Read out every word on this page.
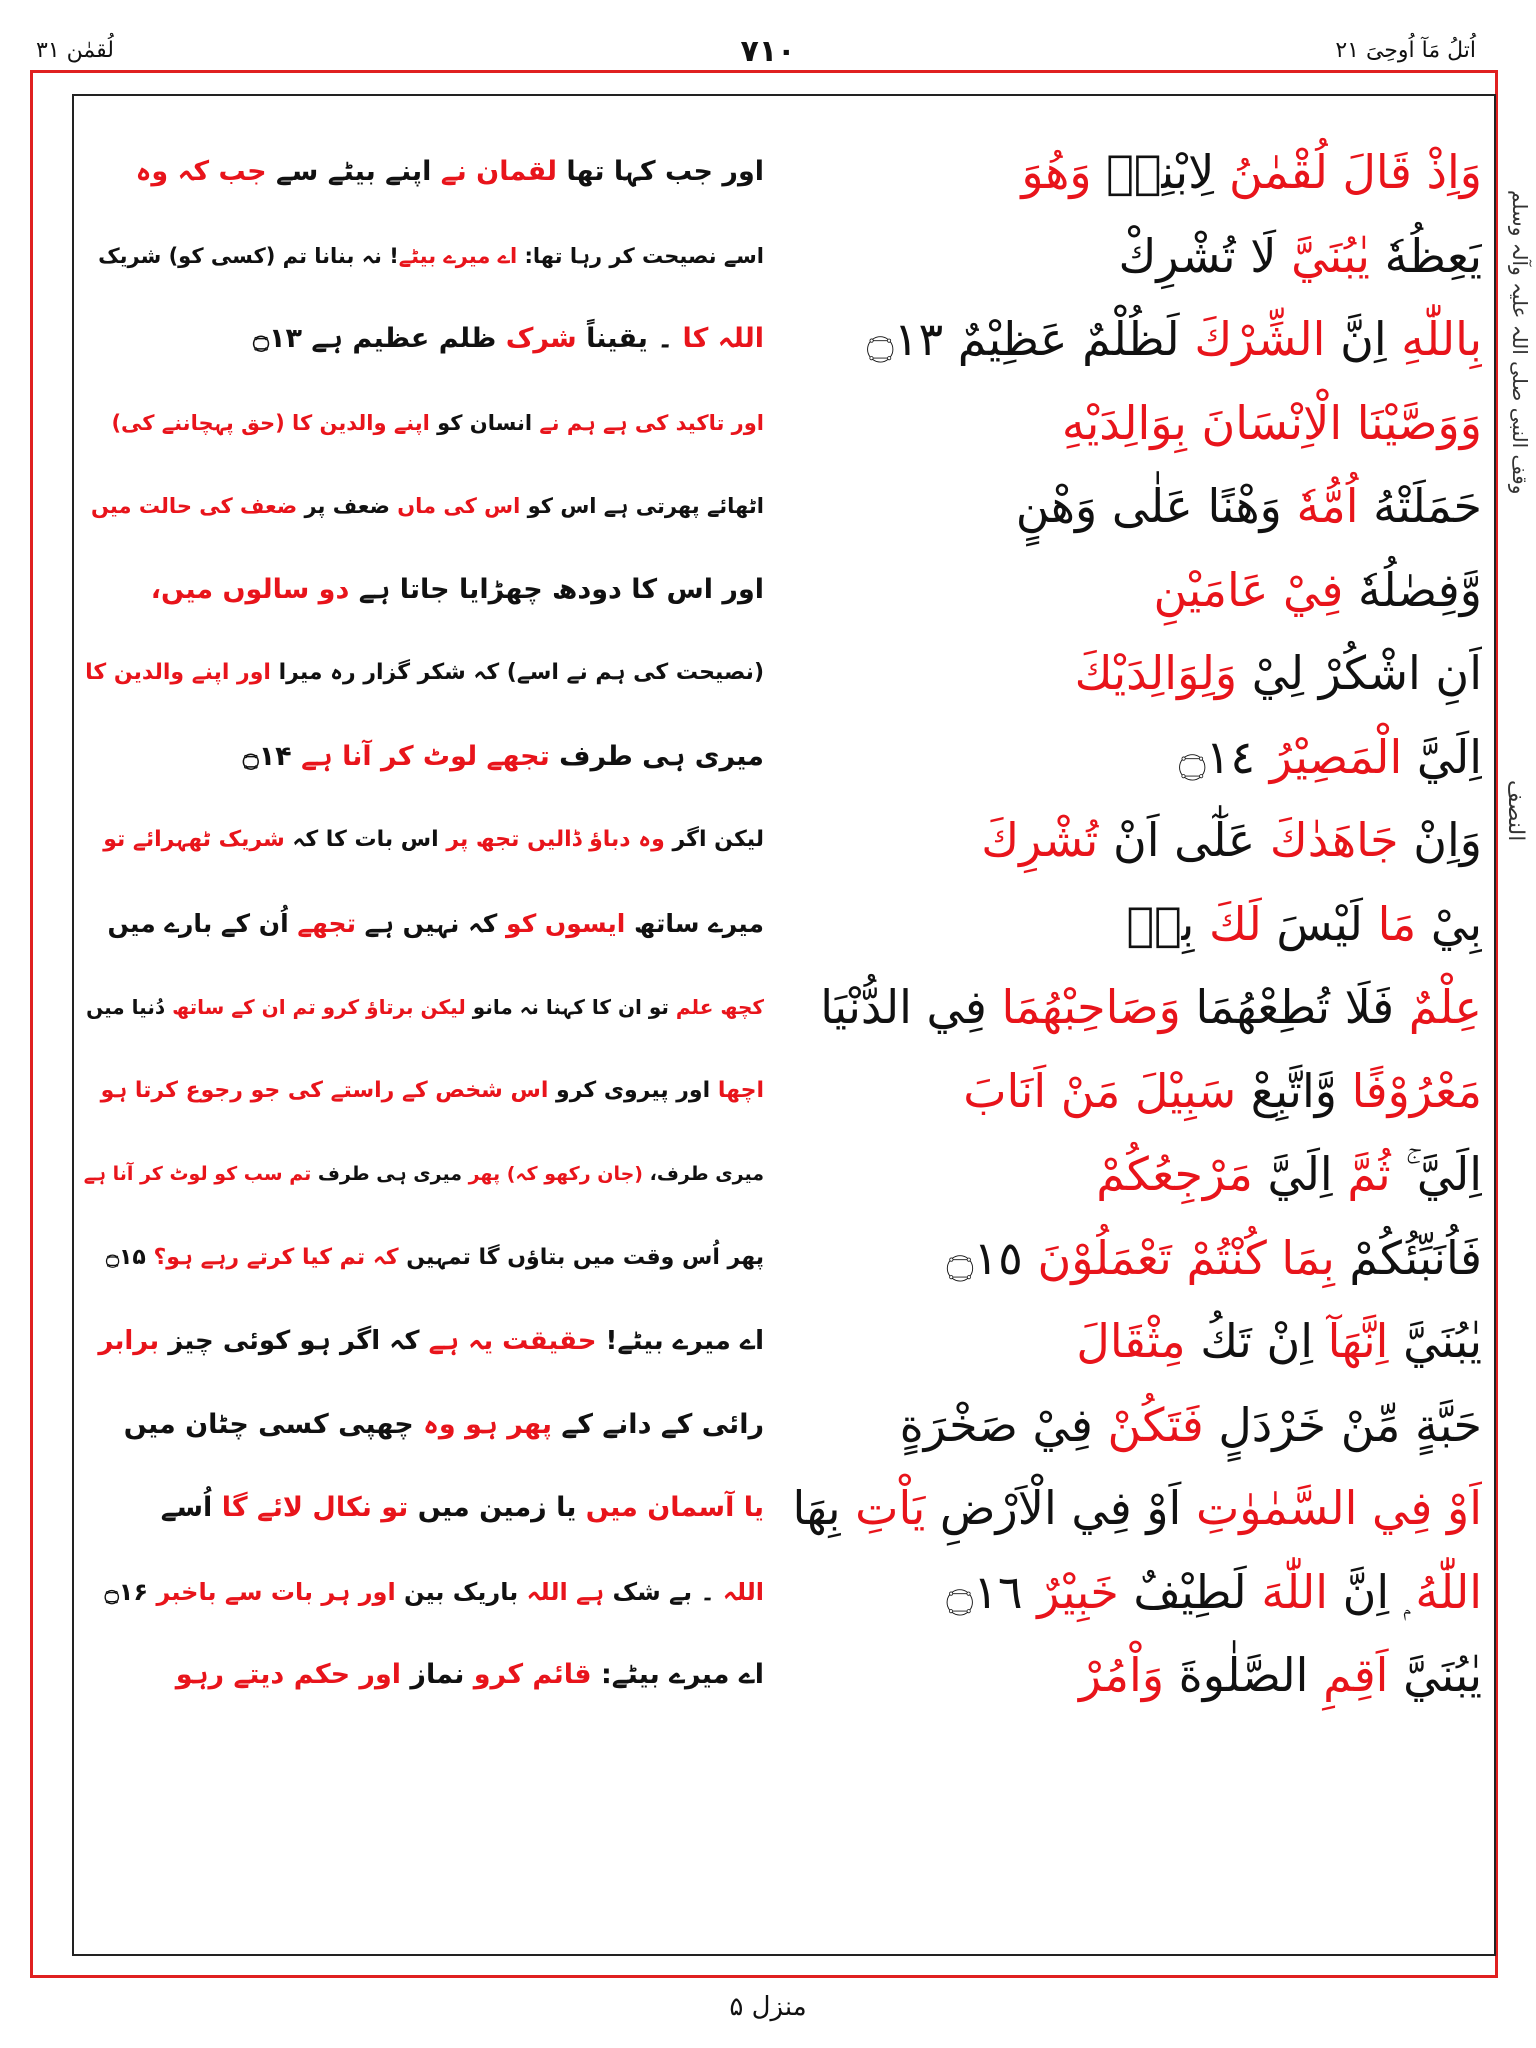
لُقمٰن ۳۱	۷۱۰	اُتلُ مَآ اُوحِیَ ۲۱
وقف النبی صلی اللہ علیہ وآلہ وسلم
النصف
وَاِذْ قَالَ لُقْمٰنُ لِابْنِهٖ وَهُوَ
اور جب کہا تھا لقمان نے اپنے بیٹے سے جب کہ وہ
يَعِظُهٗ يٰبُنَيَّ لَا تُشْرِكْ
اسے نصیحت کر رہا تھا: اے میرے بیٹے! نہ بنانا تم (کسی کو) شریک
بِاللّٰهِ اِنَّ الشِّرْكَ لَظُلْمٌ عَظِيْمٌ ۝١٣
اللہ کا ۔ یقیناً شرک ظلم عظیم ہے ۝۱۳
وَوَصَّيْنَا الْاِنْسَانَ بِوَالِدَيْهِ
اور تاکید کی ہے ہم نے انسان کو اپنے والدین کا (حق پہچاننے کی)
حَمَلَتْهُ اُمُّهٗ وَهْنًا عَلٰى وَهْنٍ
اٹھائے پھرتی ہے اس کو اس کی ماں ضعف پر ضعف کی حالت میں
وَّفِصٰلُهٗ فِيْ عَامَيْنِ
اور اس کا دودھ چھڑایا جاتا ہے دو سالوں میں،
اَنِ اشْكُرْ لِيْ وَلِوَالِدَيْكَ
(نصیحت کی ہم نے اسے) کہ شکر گزار رہ میرا اور اپنے والدین کا
اِلَيَّ الْمَصِيْرُ ۝١٤
میری ہی طرف تجھے لوٹ کر آنا ہے ۝۱۴
وَاِنْ جَاهَدٰكَ عَلٰٓى اَنْ تُشْرِكَ
لیکن اگر وہ دباؤ ڈالیں تجھ پر اس بات کا کہ شریک ٹھہرائے تو
بِيْ مَا لَيْسَ لَكَ بِهٖ
میرے ساتھ ایسوں کو کہ نہیں ہے تجھے اُن کے بارے میں
عِلْمٌ فَلَا تُطِعْهُمَا وَصَاحِبْهُمَا فِي الدُّنْيَا
کچھ علم تو ان کا کہنا نہ مانو لیکن برتاؤ کرو تم ان کے ساتھ دُنیا میں
مَعْرُوْفًا وَّاتَّبِعْ سَبِيْلَ مَنْ اَنَابَ
اچھا اور پیروی کرو اس شخص کے راستے کی جو رجوع کرتا ہو
اِلَيَّ ۚ ثُمَّ اِلَيَّ مَرْجِعُكُمْ
میری طرف، (جان رکھو کہ) پھر میری ہی طرف تم سب کو لوٹ کر آنا ہے
فَاُنَبِّئُكُمْ بِمَا كُنْتُمْ تَعْمَلُوْنَ ۝١٥
پھر اُس وقت میں بتاؤں گا تمہیں کہ تم کیا کرتے رہے ہو؟ ۝۱۵
يٰبُنَيَّ اِنَّهَآ اِنْ تَكُ مِثْقَالَ
اے میرے بیٹے! حقیقت یہ ہے کہ اگر ہو کوئی چیز برابر
حَبَّةٍ مِّنْ خَرْدَلٍ فَتَكُنْ فِيْ صَخْرَةٍ
رائی کے دانے کے پھر ہو وہ چھپی کسی چٹان میں
اَوْ فِي السَّمٰوٰتِ اَوْ فِي الْاَرْضِ يَاْتِ بِهَا
یا آسمان میں یا زمین میں تو نکال لائے گا اُسے
اللّٰهُ ۭ اِنَّ اللّٰهَ لَطِيْفٌ خَبِيْرٌ ۝١٦
اللہ ۔ بے شک ہے اللہ باریک بین اور ہر بات سے باخبر ۝۱۶
يٰبُنَيَّ اَقِمِ الصَّلٰوةَ وَاْمُرْ
اے میرے بیٹے: قائم کرو نماز اور حکم دیتے رہو
منزل ۵
